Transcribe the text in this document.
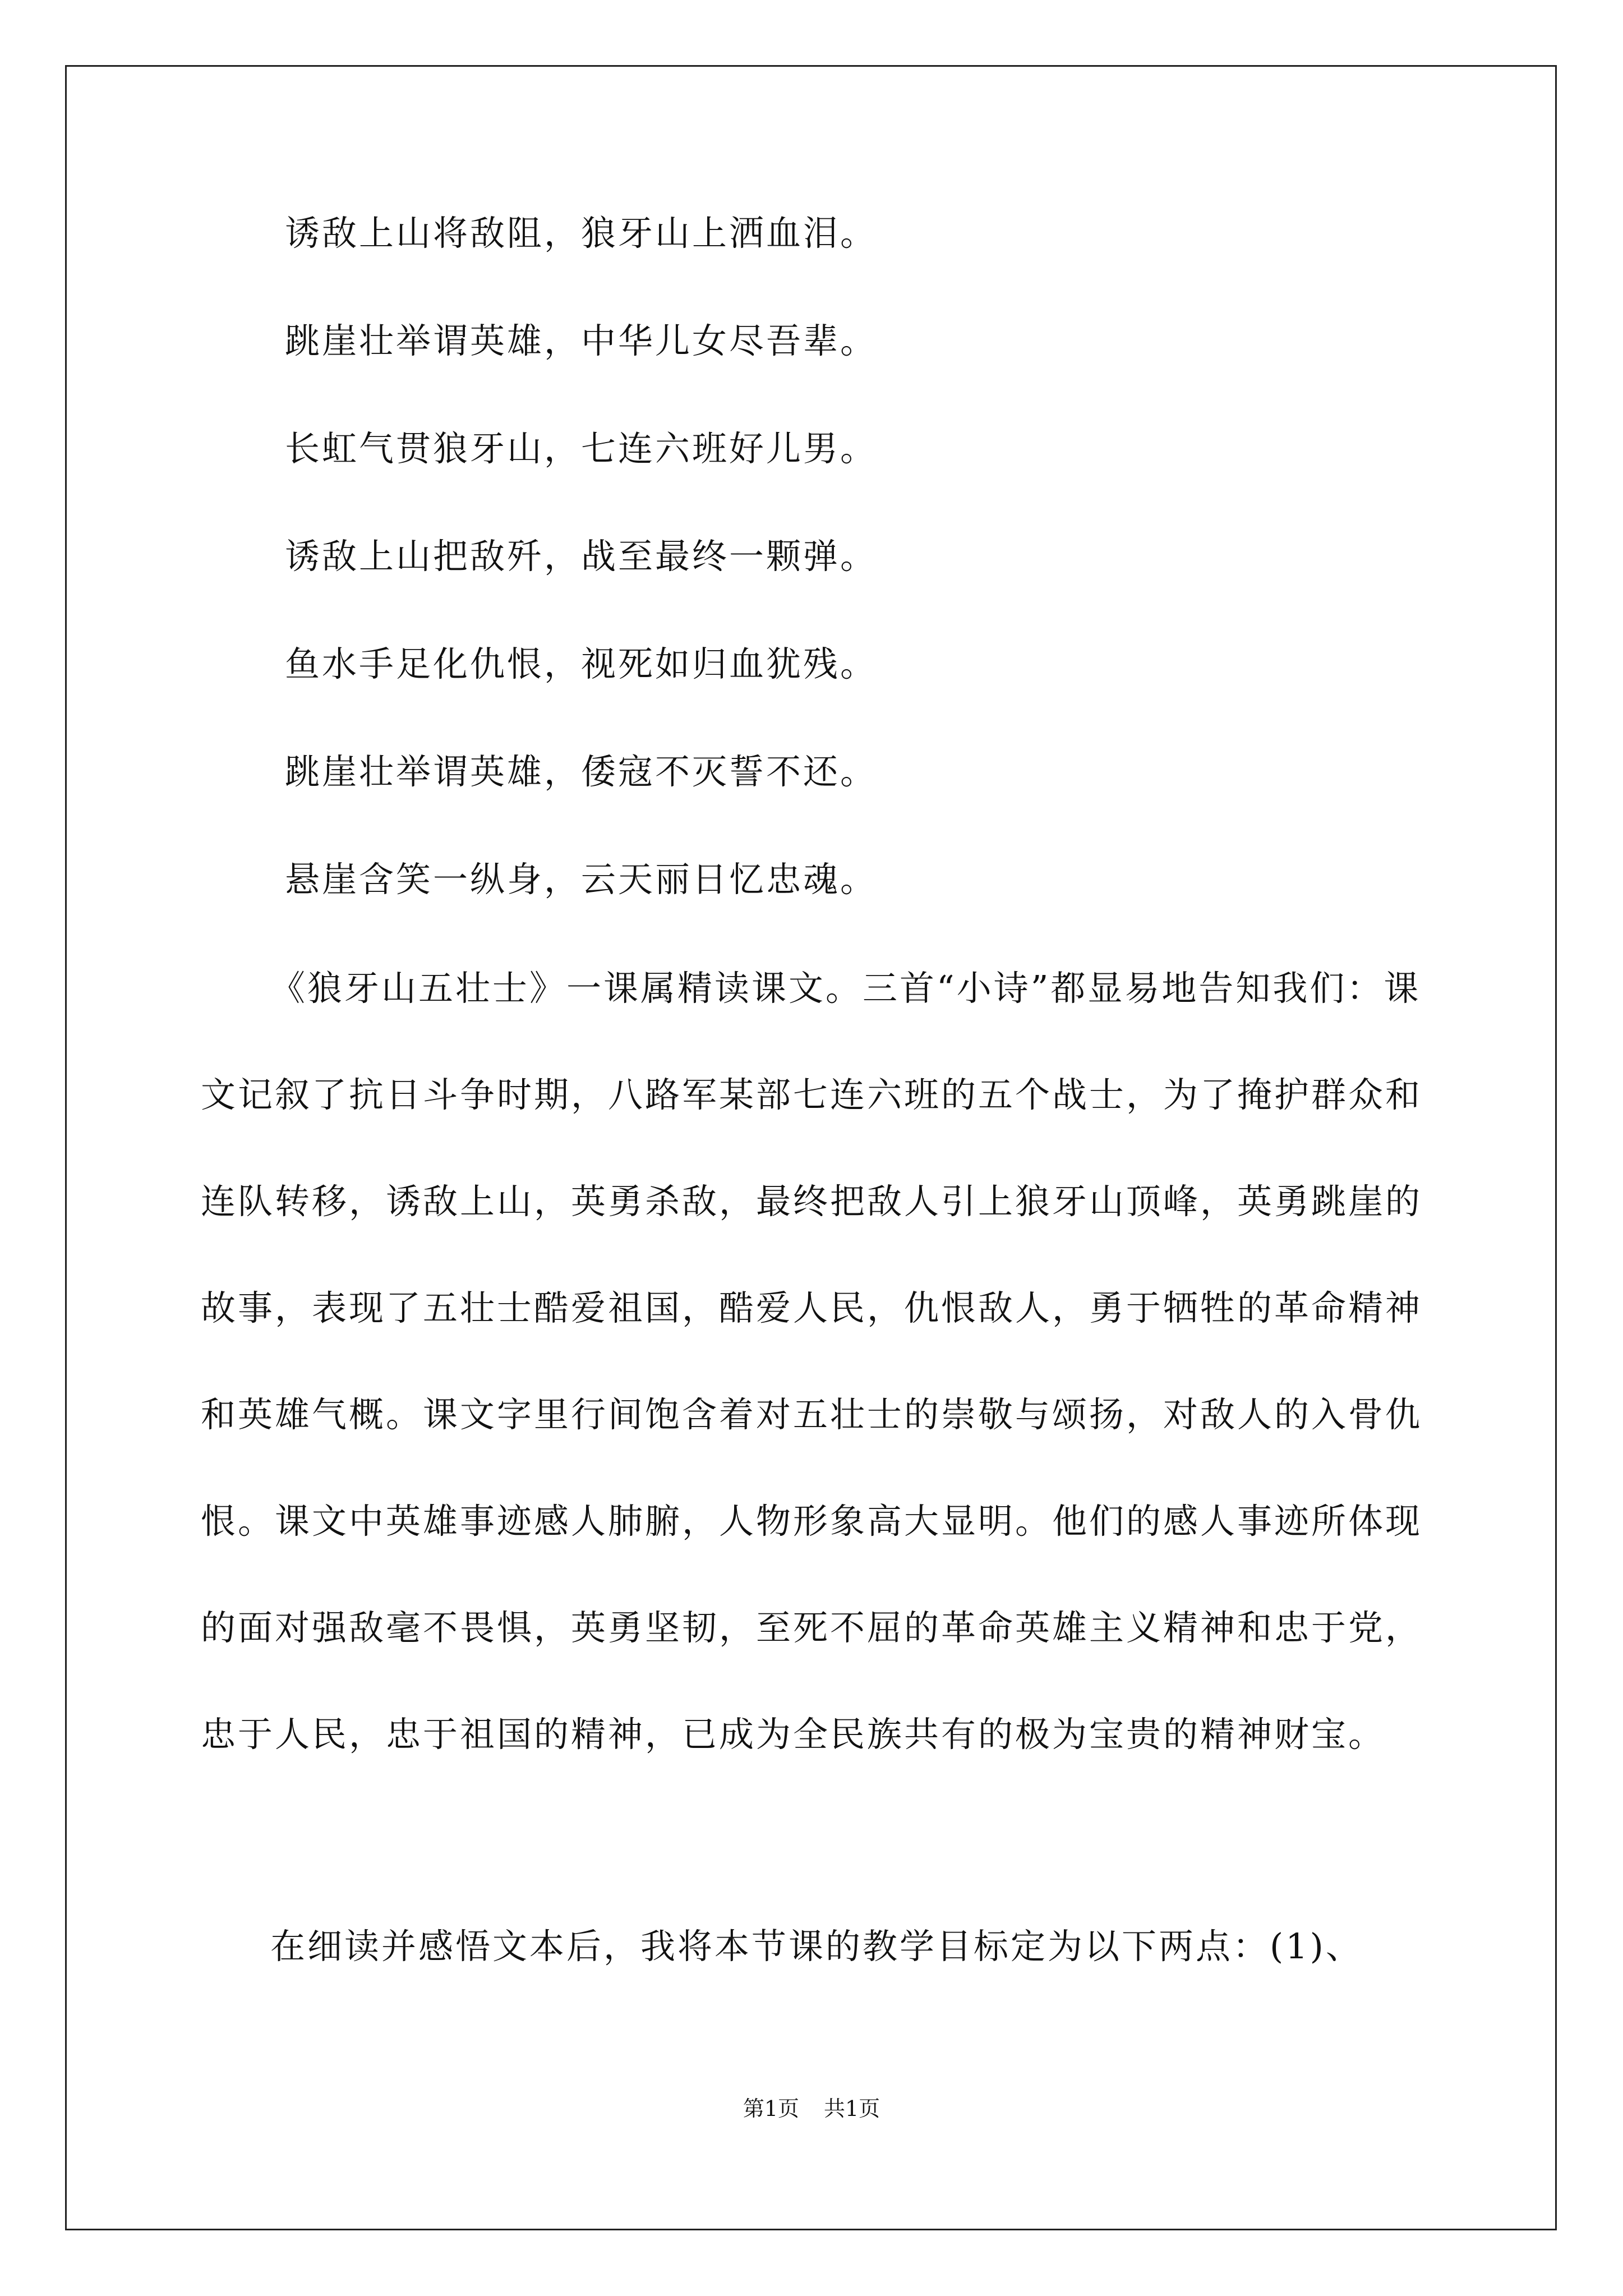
诱敌上山将敌阻，狼牙山上洒血泪。
跳崖壮举谓英雄，中华儿女尽吾辈。
长虹气贯狼牙山，七连六班好儿男。
诱敌上山把敌歼，战至最终一颗弹。
鱼水手足化仇恨，视死如归血犹残。
跳崖壮举谓英雄，倭寇不灭誓不还。
悬崖含笑一纵身，云天丽日忆忠魂。

《狼牙山五壮士》一课属精读课文。三首“小诗”都显易地告知我们：课文记叙了抗日斗争时期，八路军某部七连六班的五个战士，为了掩护群众和连队转移，诱敌上山，英勇杀敌，最终把敌人引上狼牙山顶峰，英勇跳崖的故事，表现了五壮士酷爱祖国，酷爱人民，仇恨敌人，勇于牺牲的革命精神和英雄气概。课文字里行间饱含着对五壮士的崇敬与颂扬，对敌人的入骨仇恨。课文中英雄事迹感人肺腑，人物形象高大显明。他们的感人事迹所体现的面对强敌毫不畏惧，英勇坚韧，至死不屈的革命英雄主义精神和忠于党，忠于人民，忠于祖国的精神，已成为全民族共有的极为宝贵的精神财宝。

在细读并感悟文本后，我将本节课的教学目标定为以下两点：(1)、

第1页 共1页
